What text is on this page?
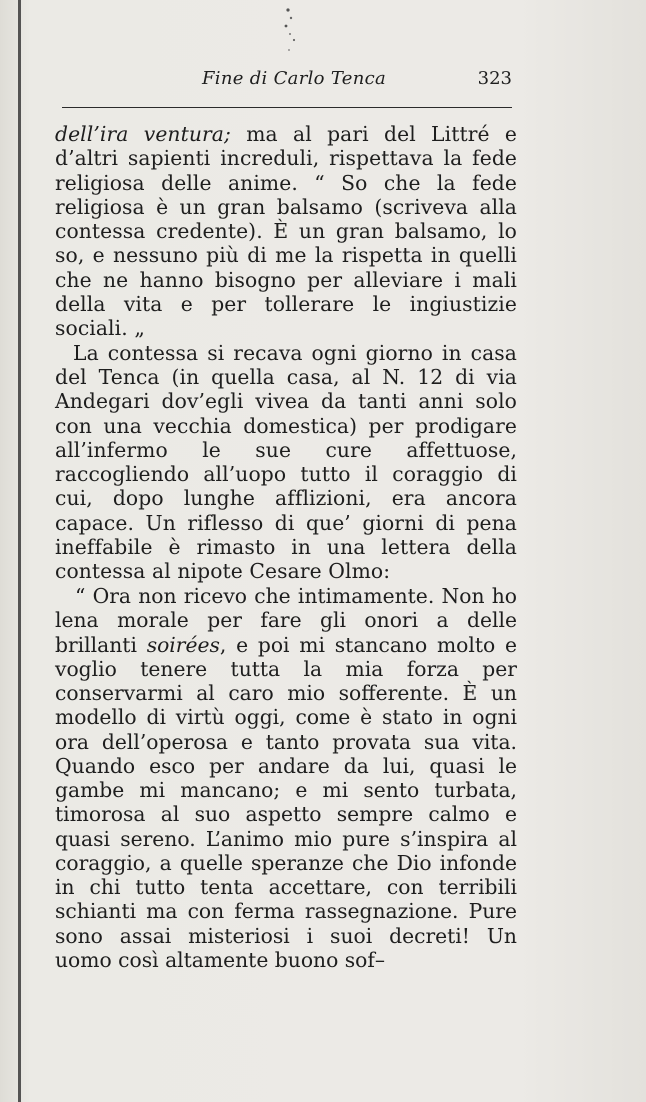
Fine di Carlo Tenca	323

dell’ira ventura; ma al pari del Littré e d’altri sapienti increduli, rispettava la fede religiosa delle anime. “ So che la fede religiosa è un gran balsamo (scriveva alla contessa credente). È un gran balsamo, lo so, e nessuno più di me la rispetta in quelli che ne hanno bisogno per alleviare i mali della vita e per tollerare le ingiustizie sociali. „

La contessa si recava ogni giorno in casa del Tenca (in quella casa, al N. 12 di via Andegari dov’egli vivea da tanti anni solo con una vecchia domestica) per prodigare all’infermo le sue cure affettuose, raccogliendo all’uopo tutto il coraggio di cui, dopo lunghe afflizioni, era ancora capace. Un riflesso di que’ giorni di pena ineffabile è rimasto in una lettera della contessa al nipote Cesare Olmo:

“ Ora non ricevo che intimamente. Non ho lena morale per fare gli onori a delle brillanti soirées, e poi mi stancano molto e voglio tenere tutta la mia forza per conservarmi al caro mio sofferente. È un modello di virtù oggi, come è stato in ogni ora dell’operosa e tanto provata sua vita. Quando esco per andare da lui, quasi le gambe mi mancano; e mi sento turbata, timorosa al suo aspetto sempre calmo e quasi sereno. L’animo mio pure s’inspira al coraggio, a quelle speranze che Dio infonde in chi tutto tenta accettare, con terribili schianti ma con ferma rassegnazione. Pure sono assai misteriosi i suoi decreti! Un uomo così altamente buono sof–
